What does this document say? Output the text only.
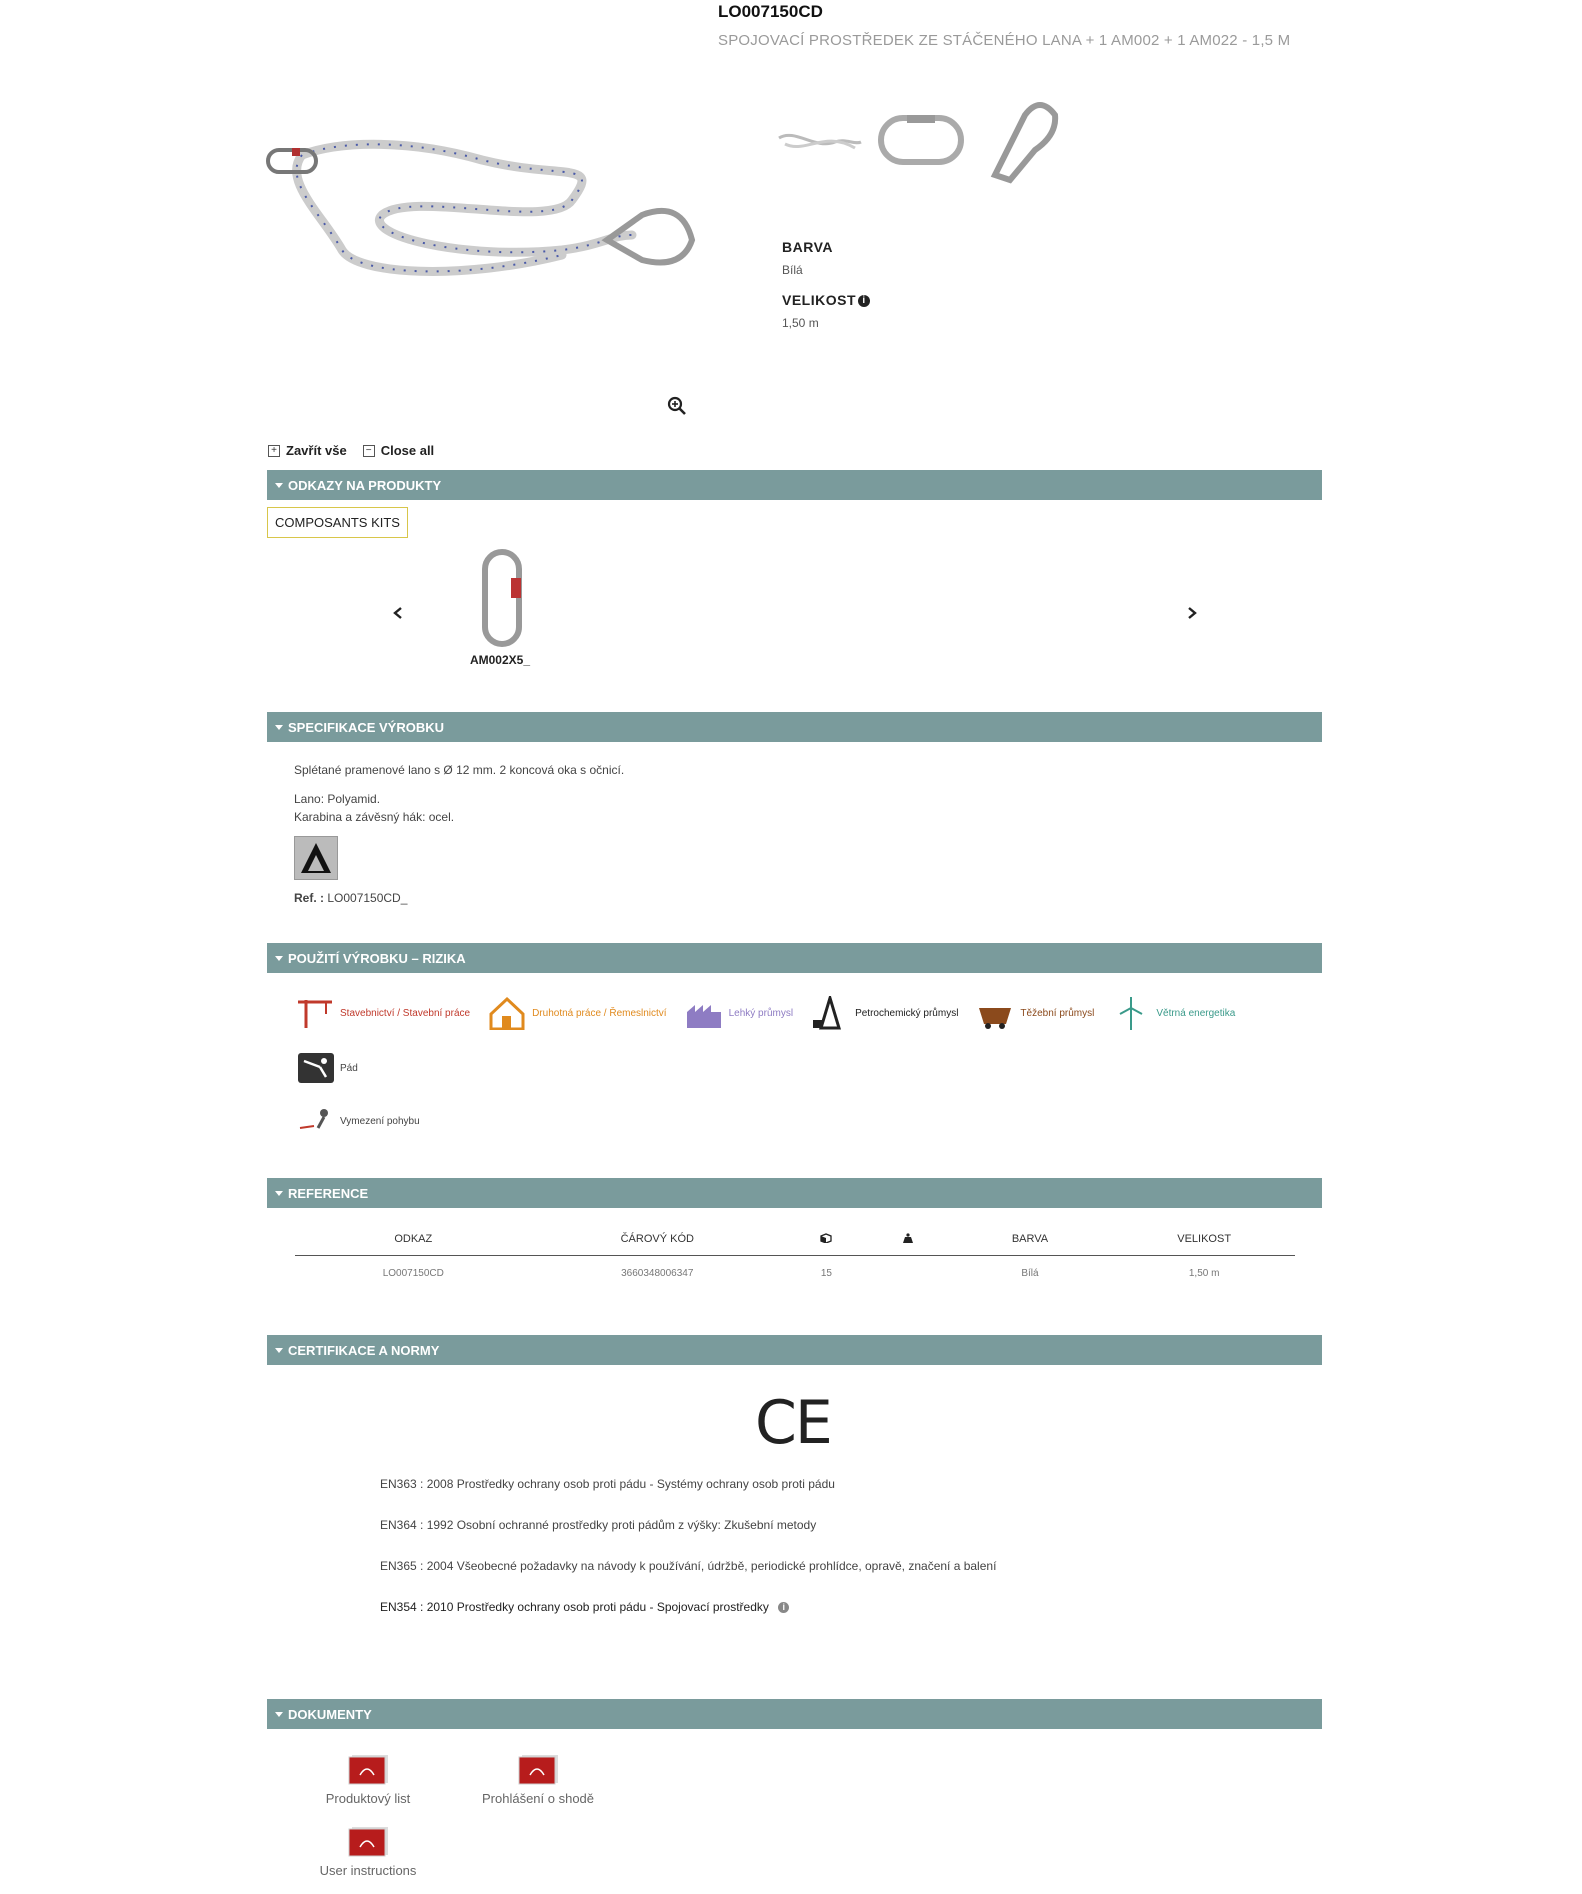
LO007150CD
SPOJOVACÍ PROSTŘEDEK ZE STÁČENÉHO LANA + 1 AM002 + 1 AM022 - 1,5 M
BARVA
Bílá
VELIKOST i
1,50 m
+ Zavřít vše	− Close all
ODKAZY NA PRODUKTY
COMPOSANTS KITS
AM002X5_
SPECIFIKACE VÝROBKU
Splétané pramenové lano s Ø 12 mm. 2 koncová oka s očnicí.
Lano: Polyamid.
Karabina a závěsný hák: ocel.
Ref. : LO007150CD_
POUŽITÍ VÝROBKU – RIZIKA
Stavebnictví / Stavební práce	Druhotná práce / Řemeslnictví	Lehký průmysl	Petrochemický průmysl	Těžební průmysl	Větrná energetika
Pád
Vymezení pohybu
REFERENCE
ODKAZ	ČÁROVÝ KÓD			BARVA	VELIKOST
LO007150CD	3660348006347	15		Bílá	1,50 m
CERTIFIKACE A NORMY
CE
EN363 : 2008 Prostředky ochrany osob proti pádu - Systémy ochrany osob proti pádu
EN364 : 1992 Osobní ochranné prostředky proti pádům z výšky: Zkušební metody
EN365 : 2004 Všeobecné požadavky na návody k používání, údržbě, periodické prohlídce, opravě, značení a balení
EN354 : 2010 Prostředky ochrany osob proti pádu - Spojovací prostředky i
DOKUMENTY
Produktový list	Prohlášení o shodě
User instructions
